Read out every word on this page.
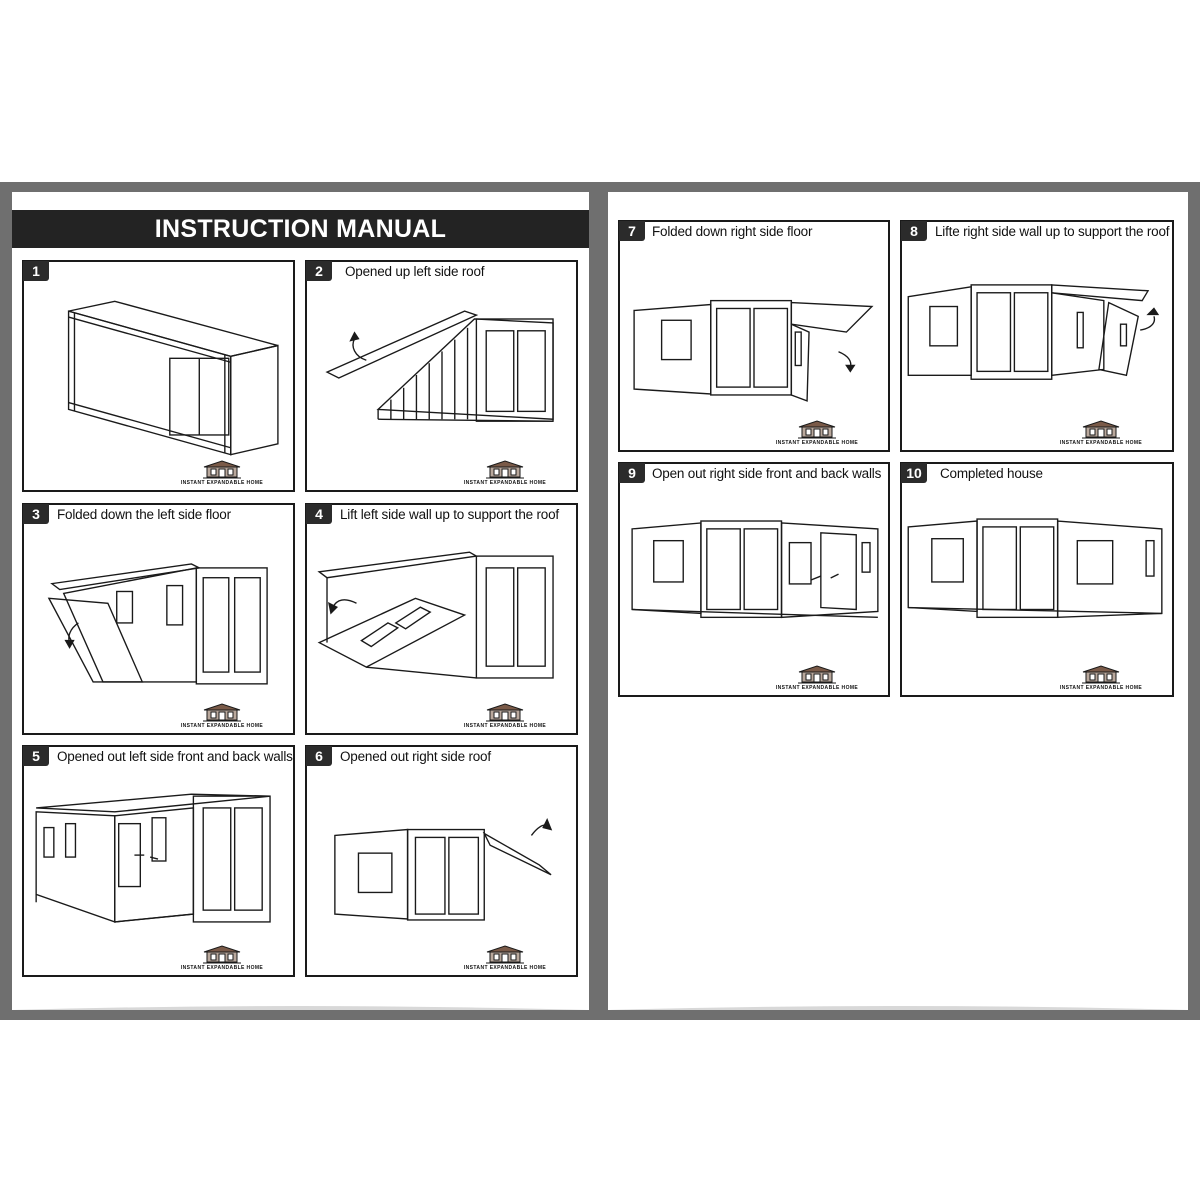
INSTRUCTION MANUAL
1
INSTANT EXPANDABLE HOME
2	Opened up left side roof
INSTANT EXPANDABLE HOME
3	Folded down the left side floor
INSTANT EXPANDABLE HOME
4	Lift left side wall up to support the roof
INSTANT EXPANDABLE HOME
5	Opened out left side front and back walls
INSTANT EXPANDABLE HOME
6	Opened out right side roof
INSTANT EXPANDABLE HOME
7	Folded down right side floor
INSTANT EXPANDABLE HOME
8	Lifte right side wall up to support the roof
INSTANT EXPANDABLE HOME
9	Open out right side front and back walls
INSTANT EXPANDABLE HOME
10	Completed house
INSTANT EXPANDABLE HOME
